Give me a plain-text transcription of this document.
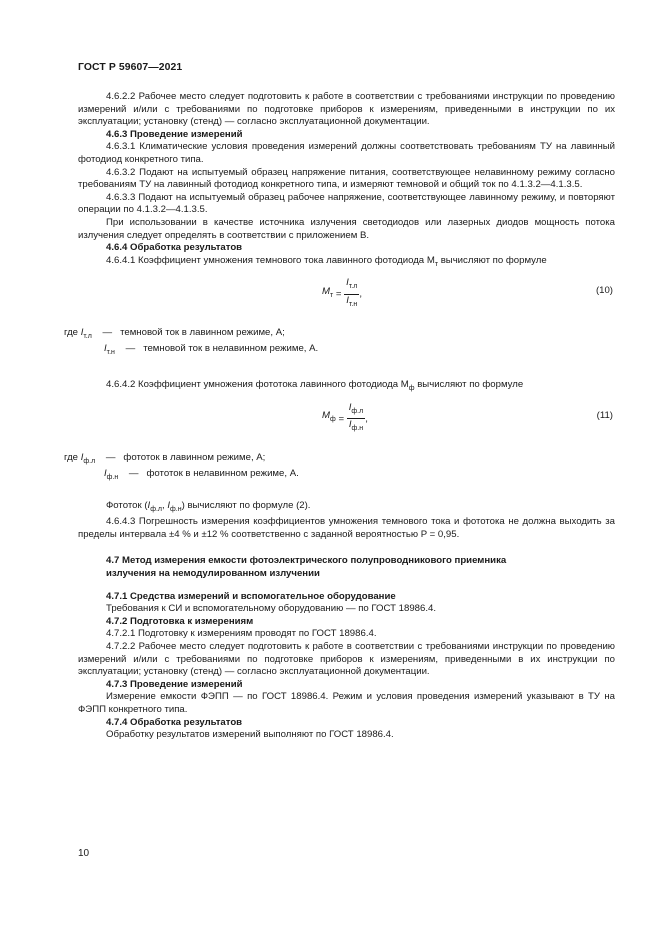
ГОСТ Р 59607—2021

4.6.2.2 Рабочее место следует подготовить к работе в соответствии с требованиями инструкции по проведению измерений и/или с требованиями по подготовке приборов к измерениям, приведенными в инструкции по их эксплуатации; установку (стенд) — согласно эксплуатационной документации.

4.6.3 Проведение измерений

4.6.3.1 Климатические условия проведения измерений должны соответствовать требованиям ТУ на лавинный фотодиод конкретного типа.

4.6.3.2 Подают на испытуемый образец напряжение питания, соответствующее нелавинному режиму согласно требованиям ТУ на лавинный фотодиод конкретного типа, и измеряют темновой и общий ток по 4.1.3.2—4.1.3.5.

4.6.3.3 Подают на испытуемый образец рабочее напряжение, соответствующее лавинному режиму, и повторяют операции по 4.1.3.2—4.1.3.5.

При использовании в качестве источника излучения светодиодов или лазерных диодов мощность потока излучения следует определять в соответствии с приложением В.

4.6.4 Обработка результатов

4.6.4.1 Коэффициент умножения темнового тока лавинного фотодиода $M_т$ вычисляют по формуле

$M_т = \frac{I_{т.л}}{I_{т.н}}$ ,	(10)
где $I_{т.л}$ — темновой ток в лавинном режиме, А;
$I_{т.н}$ — темновой ток в нелавинном режиме, А.

4.6.4.2 Коэффициент умножения фототока лавинного фотодиода $M_ф$ вычисляют по формуле

$M_ф = \frac{I_{ф.л}}{I_{ф.н}}$ ,	(11)
где $I_{ф.л}$ — фототок в лавинном режиме, А;
$I_{ф.н}$ — фототок в нелавинном режиме, А.

Фототок ($I_{ф.л}$, $I_{ф.н}$) вычисляют по формуле (2).

4.6.4.3 Погрешность измерения коэффициентов умножения темнового тока и фототока не должна выходить за пределы интервала ±4 % и ±12 % соответственно с заданной вероятностью P = 0,95.

4.7 Метод измерения емкости фотоэлектрического полупроводникового приемника
излучения на немодулированном излучении

4.7.1 Средства измерений и вспомогательное оборудование

Требования к СИ и вспомогательному оборудованию — по ГОСТ 18986.4.

4.7.2 Подготовка к измерениям

4.7.2.1 Подготовку к измерениям проводят по ГОСТ 18986.4.

4.7.2.2 Рабочее место следует подготовить к работе в соответствии с требованиями инструкции по проведению измерений и/или с требованиями по подготовке приборов к измерениям, приведенными в их инструкции по эксплуатации; установку (стенд) — согласно эксплуатационной документации.

4.7.3 Проведение измерений

Измерение емкости ФЭПП — по ГОСТ 18986.4. Режим и условия проведения измерений указывают в ТУ на ФЭПП конкретного типа.

4.7.4 Обработка результатов

Обработку результатов измерений выполняют по ГОСТ 18986.4.

10
